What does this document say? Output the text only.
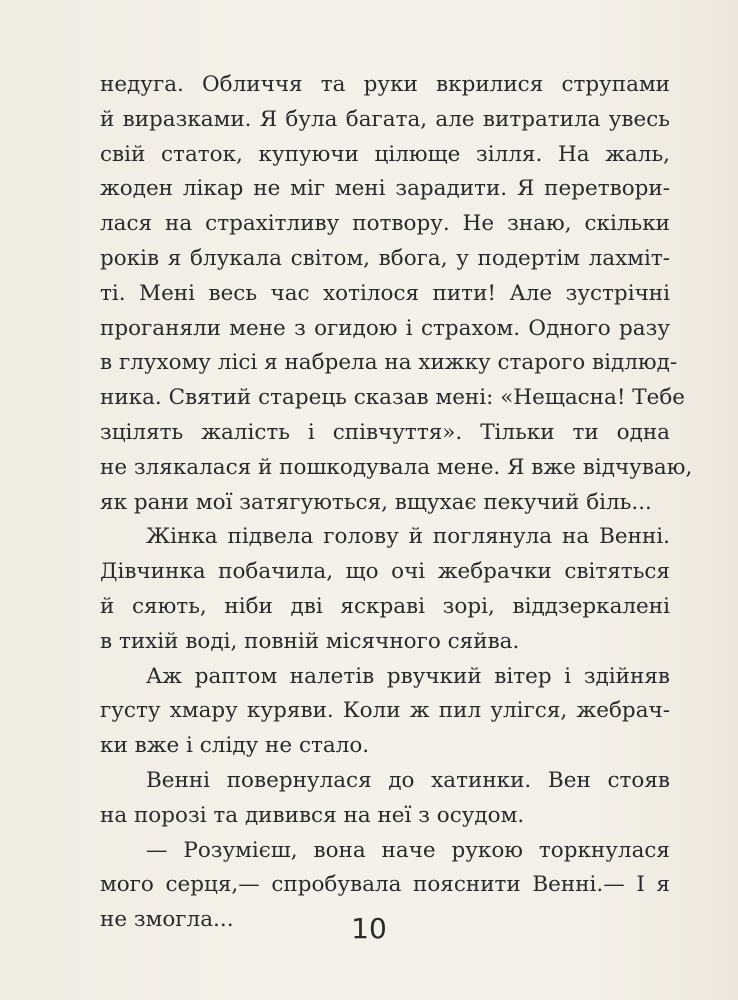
недуга. Обличчя та руки вкрилися струпами
й виразками. Я була багата, але витратила увесь
свій статок, купуючи цілюще зілля. На жаль,
жоден лікар не міг мені зарадити. Я перетвори-
лася на страхітливу потвору. Не знаю, скільки
років я блукала світом, вбога, у подертім лахміт-
ті. Мені весь час хотілося пити! Але зустрічні
проганяли мене з огидою і страхом. Одного разу
в глухому лісі я набрела на хижку старого відлюд-
ника. Святий старець сказав мені: «Нещасна! Тебе
зцілять жалість і співчуття». Тільки ти одна
не злякалася й пошкодувала мене. Я вже відчуваю,
як рани мої затягуються, вщухає пекучий біль...
Жінка підвела голову й поглянула на Венні.
Дівчинка побачила, що очі жебрачки світяться
й сяють, ніби дві яскраві зорі, віддзеркалені
в тихій воді, повній місячного сяйва.
Аж раптом налетів рвучкий вітер і здійняв
густу хмару куряви. Коли ж пил улігся, жебрач-
ки вже і сліду не стало.
Венні повернулася до хатинки. Вен стояв
на порозі та дивився на неї з осудом.
— Розумієш, вона наче рукою торкнулася
мого серця,— спробувала пояснити Венні.— І я
не змогла...	10
